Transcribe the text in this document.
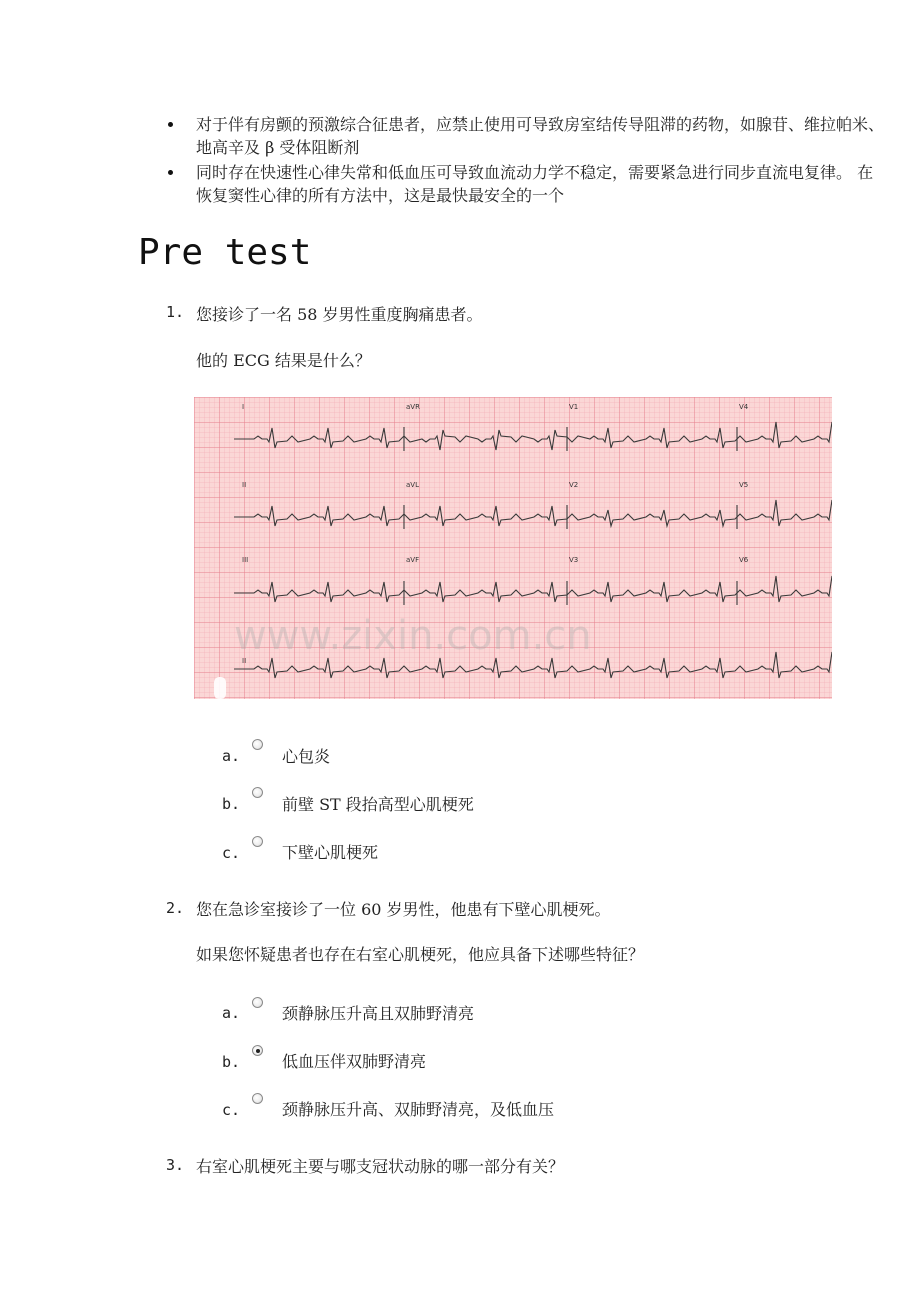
对于伴有房颤的预激综合征患者，应禁止使用可导致房室结传导阻滞的药物，如腺苷、维拉帕米、地高辛及 β 受体阻断剂
同时存在快速性心律失常和低血压可导致血流动力学不稳定，需要紧急进行同步直流电复律。 在恢复窦性心律的所有方法中，这是最快最安全的一个
Pre test
1. 您接诊了一名 58 岁男性重度胸痛患者。
他的 ECG 结果是什么？
I	aVR	V1	V4
II	aVL	V2	V5
III	aVF	V3	V6
II
www.zixin.com.cn
a.	心包炎
b.	前壁 ST 段抬高型心肌梗死
c.	下壁心肌梗死
2. 您在急诊室接诊了一位 60 岁男性，他患有下壁心肌梗死。
如果您怀疑患者也存在右室心肌梗死，他应具备下述哪些特征？
a.	颈静脉压升高且双肺野清亮
b.	低血压伴双肺野清亮
c.	颈静脉压升高、双肺野清亮，及低血压
3. 右室心肌梗死主要与哪支冠状动脉的哪一部分有关？
